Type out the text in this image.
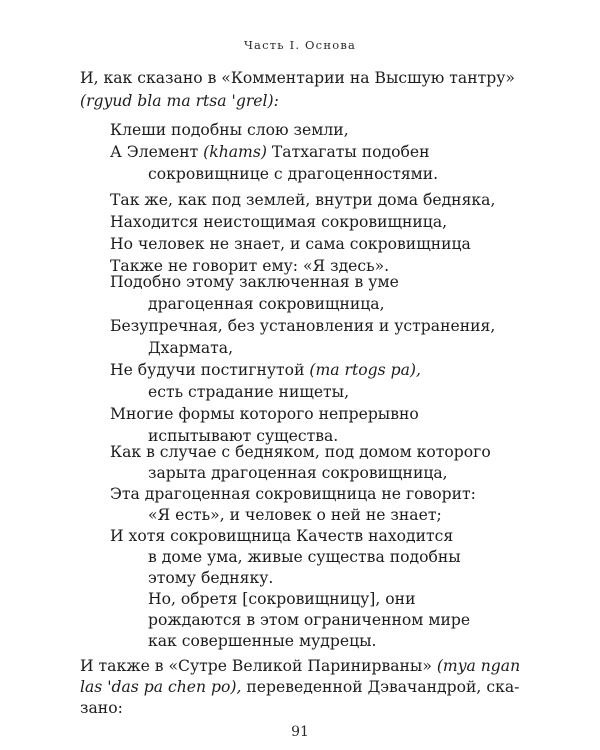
Часть I. Основа
И, как сказано в «Комментарии на Высшую тантру»
(rgyud bla ma rtsa 'grel):
Клеши подобны слою земли,
А Элемент (khams) Татхагаты подобен
сокровищнице с драгоценностями.
Так же, как под землей, внутри дома бедняка,
Находится неистощимая сокровищница,
Но человек не знает, и сама сокровищница
Также не говорит ему: «Я здесь».
Подобно этому заключенная в уме
драгоценная сокровищница,
Безупречная, без установления и устранения,
Дхармата,
Не будучи постигнутой (ma rtogs pa),
есть страдание нищеты,
Многие формы которого непрерывно
испытывают существа.
Как в случае с бедняком, под домом которого
зарыта драгоценная сокровищница,
Эта драгоценная сокровищница не говорит:
«Я есть», и человек о ней не знает;
И хотя сокровищница Качеств находится
в доме ума, живые существа подобны
этому бедняку.
Но, обретя [сокровищницу], они
рождаются в этом ограниченном мире
как совершенные мудрецы.
И также в «Сутре Великой Паринирваны» (mya ngan
las 'das pa chen po), переведенной Дэвачандрой, ска-
зано:
91
